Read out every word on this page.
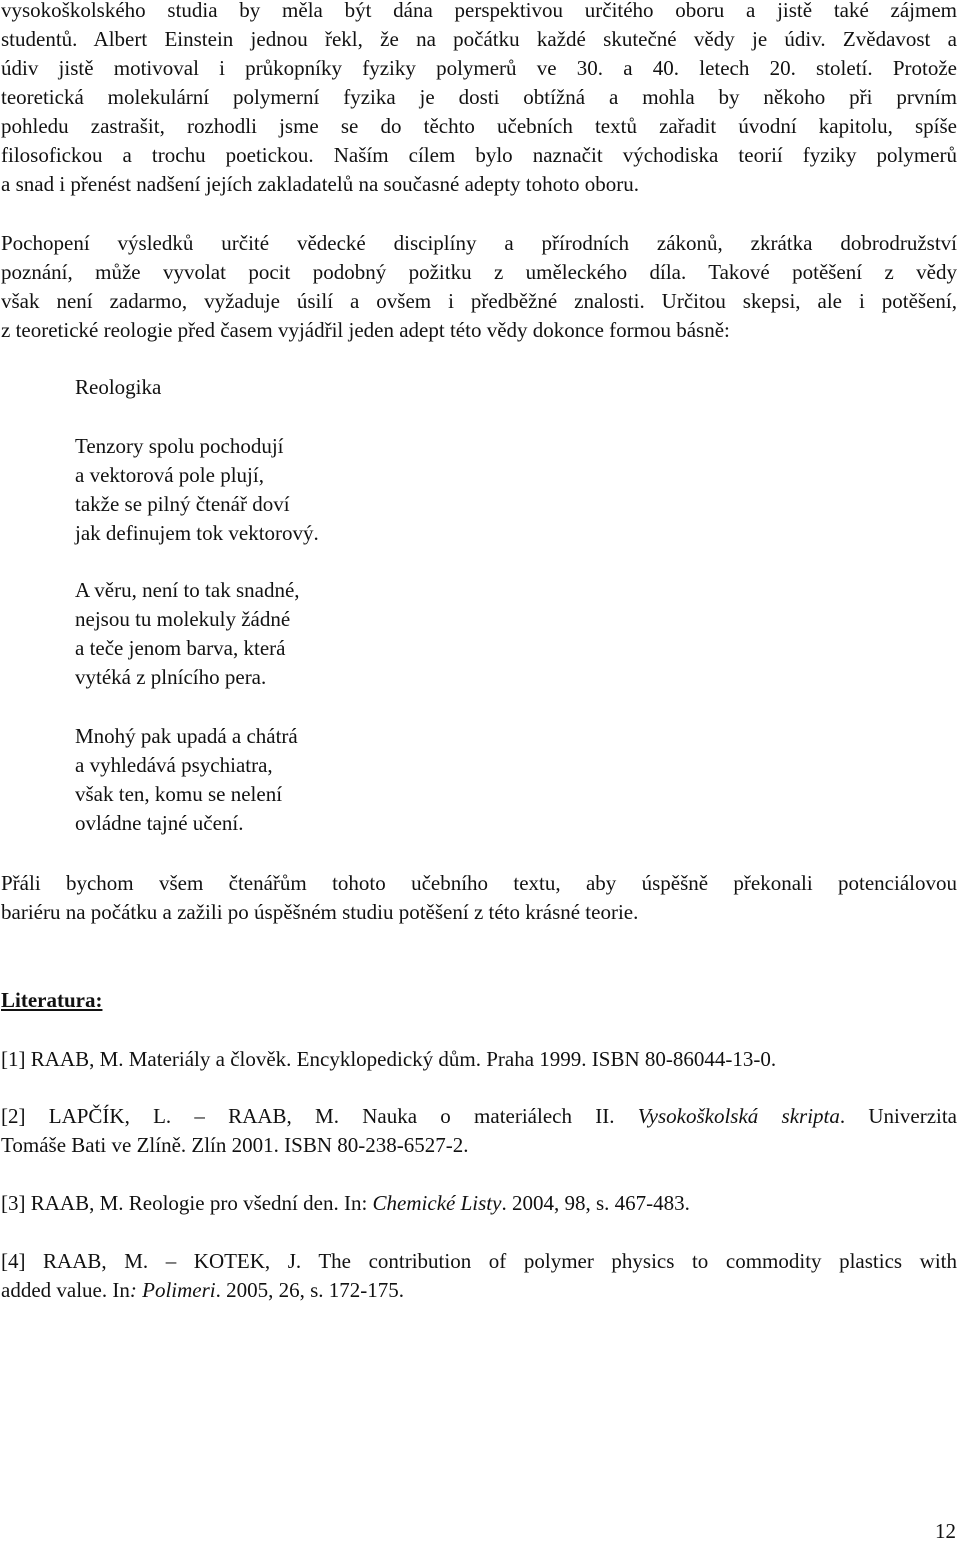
vysokoškolského studia by měla být dána perspektivou určitého oboru a jistě také zájmem
studentů. Albert Einstein jednou řekl, že na počátku každé skutečné vědy je údiv. Zvědavost a
údiv jistě motivoval i průkopníky fyziky polymerů ve 30. a 40. letech 20. století. Protože
teoretická molekulární polymerní fyzika je dosti obtížná a mohla by někoho při prvním
pohledu zastrašit, rozhodli jsme se do těchto učebních textů zařadit úvodní kapitolu, spíše
filosofickou a trochu poetickou. Naším cílem bylo naznačit východiska teorií fyziky polymerů
a snad i přenést nadšení jejích zakladatelů na současné adepty tohoto oboru.

Pochopení výsledků určité vědecké disciplíny a přírodních zákonů, zkrátka dobrodružství
poznání, může vyvolat pocit podobný požitku z uměleckého díla. Takové potěšení z vědy
však není zadarmo, vyžaduje úsilí a ovšem i předběžné znalosti. Určitou skepsi, ale i potěšení,
z teoretické reologie před časem vyjádřil jeden adept této vědy dokonce formou básně:

Reologika

Tenzory spolu pochodují
a vektorová pole plují,
takže se pilný čtenář doví
jak definujem tok vektorový.

A věru, není to tak snadné,
nejsou tu molekuly žádné
a teče jenom barva, která
vytéká z plnícího pera.

Mnohý pak upadá a chátrá
a vyhledává psychiatra,
však ten, komu se nelení
ovládne tajné učení.

Přáli bychom všem čtenářům tohoto učebního textu, aby úspěšně překonali potenciálovou
bariéru na počátku a zažili po úspěšném studiu potěšení z této krásné teorie.

Literatura:

[1] RAAB, M. Materiály a člověk. Encyklopedický dům. Praha 1999. ISBN 80-86044-13-0.

[2] LAPČÍK, L. – RAAB, M. Nauka o materiálech II. Vysokoškolská skripta. Univerzita
Tomáše Bati ve Zlíně. Zlín 2001. ISBN 80-238-6527-2.

[3] RAAB, M. Reologie pro všední den. In: Chemické Listy. 2004, 98, s. 467-483.

[4] RAAB, M. – KOTEK, J. The contribution of polymer physics to commodity plastics with
added value. In: Polimeri. 2005, 26, s. 172-175.

12
